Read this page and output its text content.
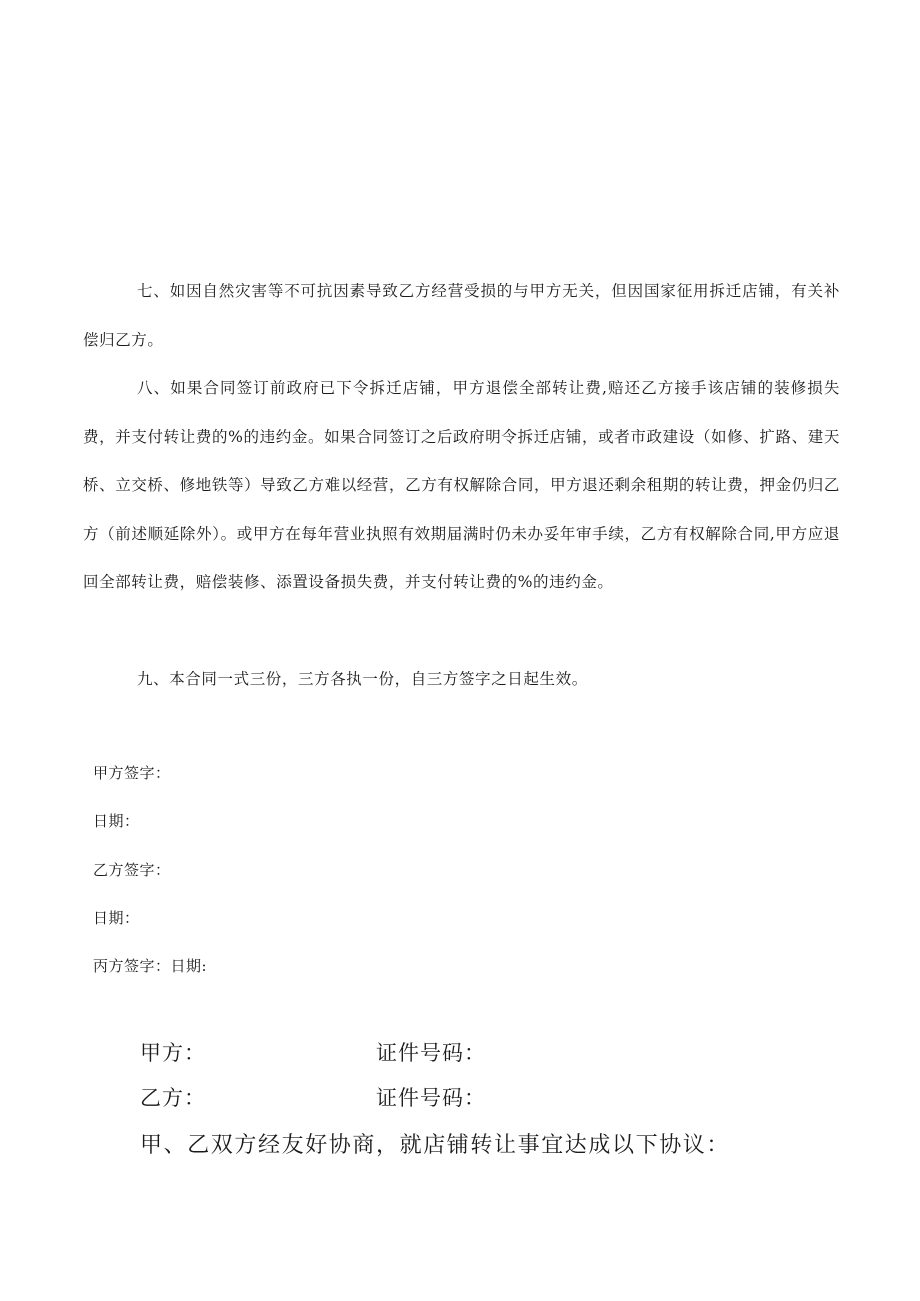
七、如因自然灾害等不可抗因素导致乙方经营受损的与甲方无关，但因国家征用拆迁店铺，有关补偿归乙方。

八、如果合同签订前政府已下令拆迁店铺，甲方退偿全部转让费,赔还乙方接手该店铺的装修损失费，并支付转让费的%的违约金。如果合同签订之后政府明令拆迁店铺，或者市政建设（如修、扩路、建天桥、立交桥、修地铁等）导致乙方难以经营，乙方有权解除合同，甲方退还剩余租期的转让费，押金仍归乙方（前述顺延除外）。或甲方在每年营业执照有效期届满时仍未办妥年审手续，乙方有权解除合同,甲方应退回全部转让费，赔偿装修、添置设备损失费，并支付转让费的%的违约金。

九、本合同一式三份，三方各执一份，自三方签字之日起生效。

甲方签字：

日期：

乙方签字：

日期：

丙方签字：日期:

甲方：	证件号码：
乙方：	证件号码：

甲、乙双方经友好协商，就店铺转让事宜达成以下协议：
